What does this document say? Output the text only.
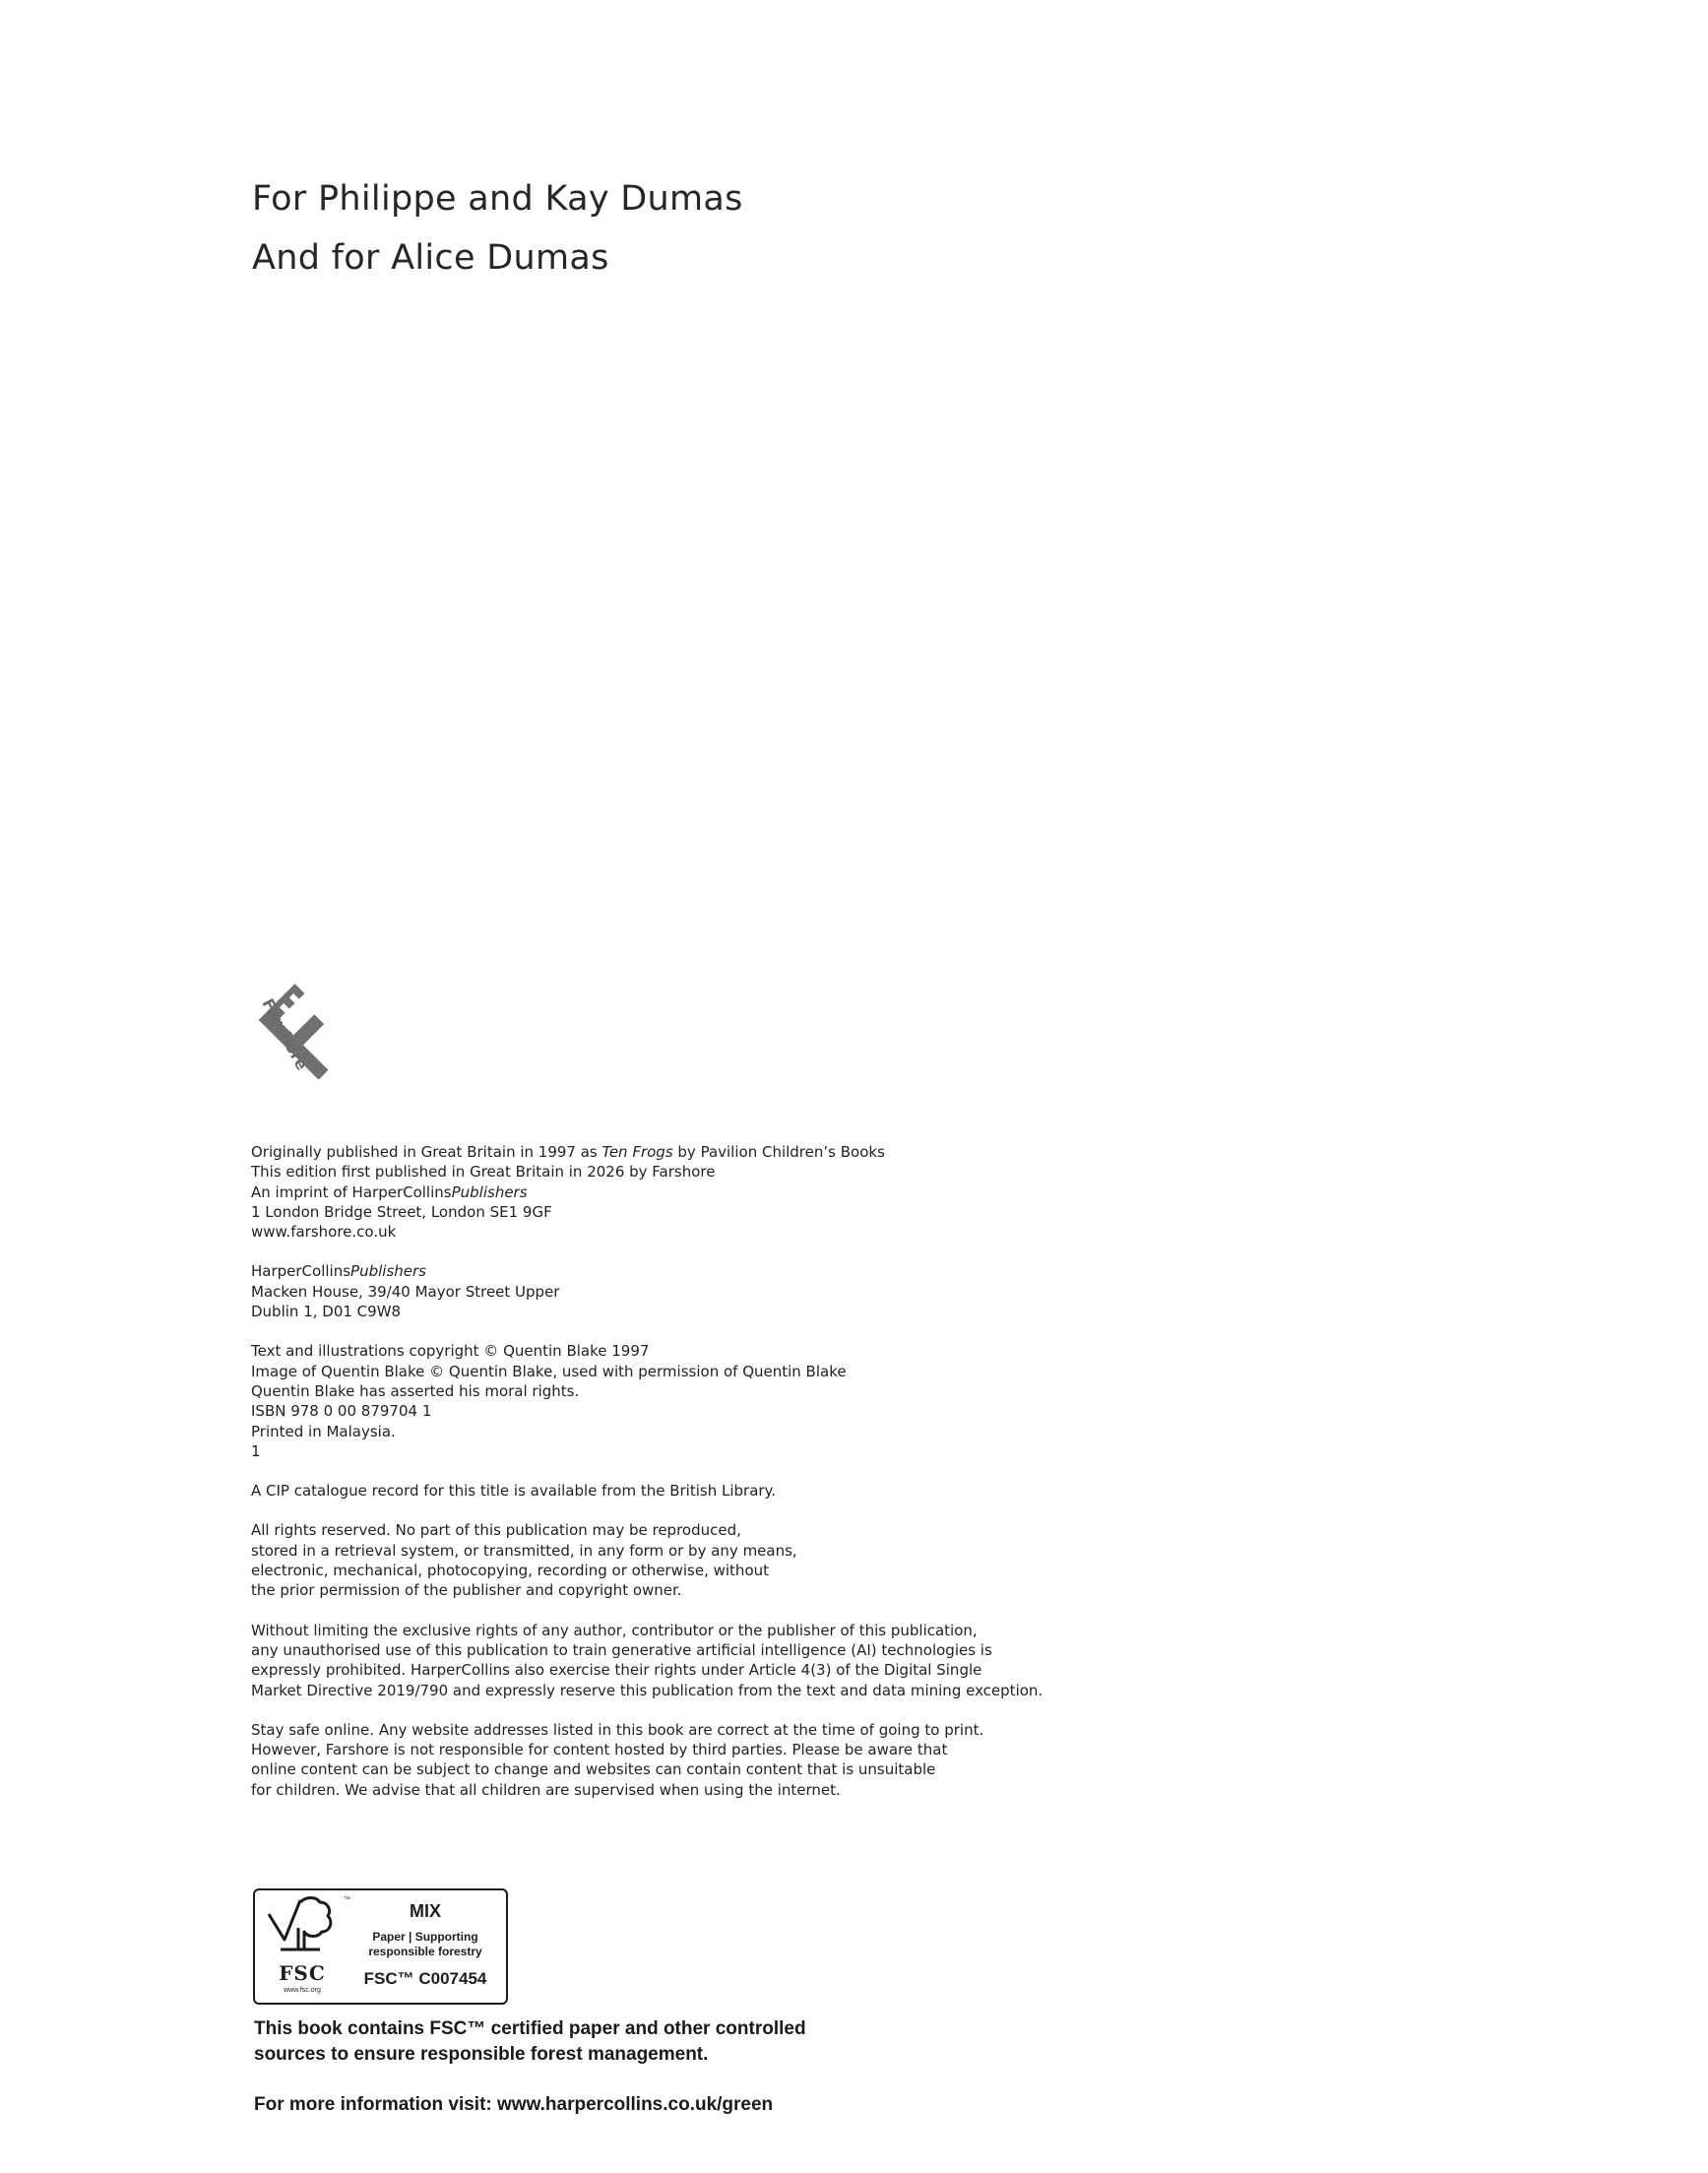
For Philippe and Kay Dumas
And for Alice Dumas
Farshore
Originally published in Great Britain in 1997 as Ten Frogs by Pavilion Children’s Books
This edition first published in Great Britain in 2026 by Farshore
An imprint of HarperCollinsPublishers
1 London Bridge Street, London SE1 9GF
www.farshore.co.uk
HarperCollinsPublishers
Macken House, 39/40 Mayor Street Upper
Dublin 1, D01 C9W8
Text and illustrations copyright © Quentin Blake 1997
Image of Quentin Blake © Quentin Blake, used with permission of Quentin Blake
Quentin Blake has asserted his moral rights.
ISBN 978 0 00 879704 1
Printed in Malaysia.
1
A CIP catalogue record for this title is available from the British Library.
All rights reserved. No part of this publication may be reproduced,
stored in a retrieval system, or transmitted, in any form or by any means,
electronic, mechanical, photocopying, recording or otherwise, without
the prior permission of the publisher and copyright owner.
Without limiting the exclusive rights of any author, contributor or the publisher of this publication,
any unauthorised use of this publication to train generative artificial intelligence (AI) technologies is
expressly prohibited. HarperCollins also exercise their rights under Article 4(3) of the Digital Single
Market Directive 2019/790 and expressly reserve this publication from the text and data mining exception.
Stay safe online. Any website addresses listed in this book are correct at the time of going to print.
However, Farshore is not responsible for content hosted by third parties. Please be aware that
online content can be subject to change and websites can contain content that is unsuitable
for children. We advise that all children are supervised when using the internet.
™
FSC
www.fsc.org
MIX
Paper | Supporting
responsible forestry
FSC™ C007454
This book contains FSC™ certified paper and other controlled
sources to ensure responsible forest management.
For more information visit: www.harpercollins.co.uk/green
